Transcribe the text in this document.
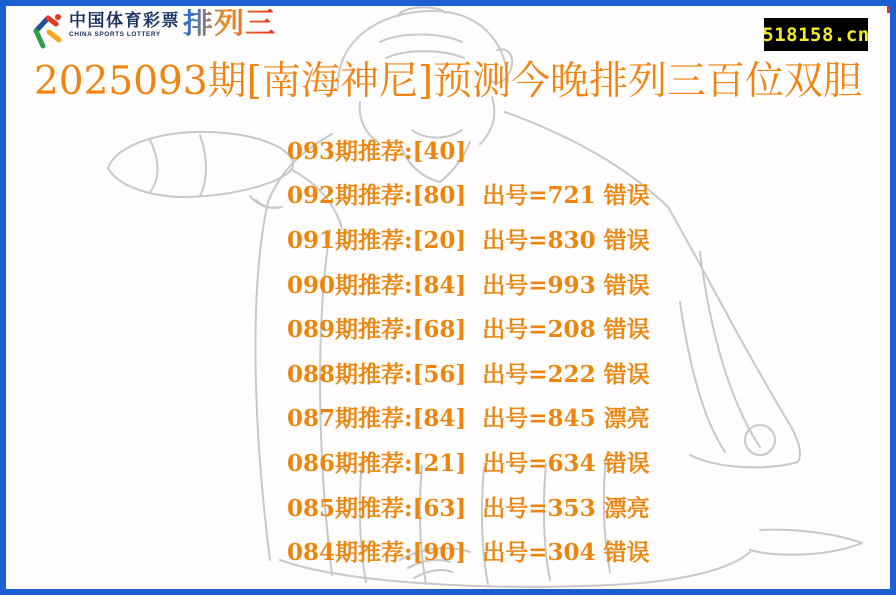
中国体育彩票
CHINA SPORTS LOTTERY 排列三	518158.cn
2025093期[南海神尼]预测今晚排列三百位双胆
093期推荐:[40]
092期推荐:[80]  出号=721 错误
091期推荐:[20]  出号=830 错误
090期推荐:[84]  出号=993 错误
089期推荐:[68]  出号=208 错误
088期推荐:[56]  出号=222 错误
087期推荐:[84]  出号=845 漂亮
086期推荐:[21]  出号=634 错误
085期推荐:[63]  出号=353 漂亮
084期推荐:[90]  出号=304 错误
